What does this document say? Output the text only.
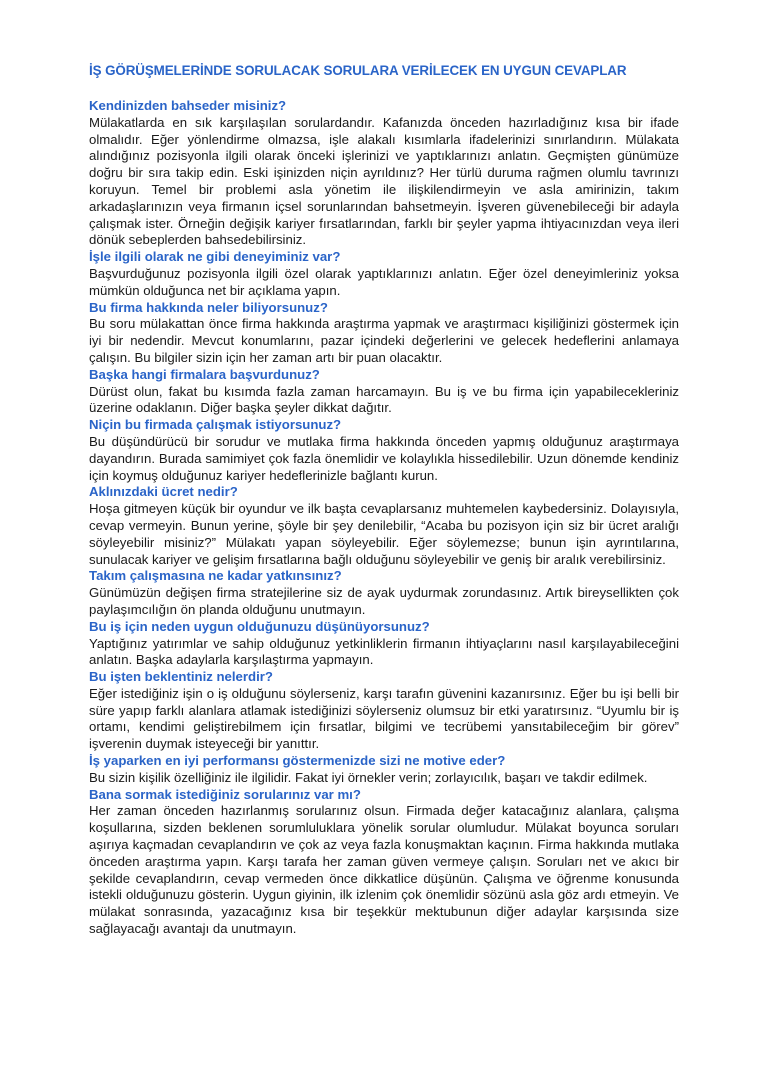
İŞ GÖRÜŞMELERİNDE SORULACAK SORULARA VERİLECEK EN UYGUN CEVAPLAR

Kendinizden bahseder misiniz?

Mülakatlarda en sık karşılaşılan sorulardandır. Kafanızda önceden hazırladığınız kısa bir ifade olmalıdır. Eğer yönlendirme olmazsa, işle alakalı kısımlarla ifadelerinizi sınırlandırın. Mülakata alındığınız pozisyonla ilgili olarak önceki işlerinizi ve yaptıklarınızı anlatın. Geçmişten günümüze doğru bir sıra takip edin. Eski işinizden niçin ayrıldınız? Her türlü duruma rağmen olumlu tavrınızı koruyun. Temel bir problemi asla yönetim ile ilişkilendirmeyin ve asla amirinizin, takım arkadaşlarınızın veya firmanın içsel sorunlarından bahsetmeyin. İşveren güvenebileceği bir adayla çalışmak ister. Örneğin değişik kariyer fırsatlarından, farklı bir şeyler yapma ihtiyacınızdan veya ileri dönük sebeplerden bahsedebilirsiniz.

İşle ilgili olarak ne gibi deneyiminiz var?

Başvurduğunuz pozisyonla ilgili özel olarak yaptıklarınızı anlatın. Eğer özel deneyimleriniz yoksa mümkün olduğunca net bir açıklama yapın.

Bu firma hakkında neler biliyorsunuz?

Bu soru mülakattan önce firma hakkında araştırma yapmak ve araştırmacı kişiliğinizi göstermek için iyi bir nedendir. Mevcut konumlarını, pazar içindeki değerlerini ve gelecek hedeflerini anlamaya çalışın. Bu bilgiler sizin için her zaman artı bir puan olacaktır.

Başka hangi firmalara başvurdunuz?

Dürüst olun, fakat bu kısımda fazla zaman harcamayın. Bu iş ve bu firma için yapabilecekleriniz üzerine odaklanın. Diğer başka şeyler dikkat dağıtır.

Niçin bu firmada çalışmak istiyorsunuz?

Bu düşündürücü bir sorudur ve mutlaka firma hakkında önceden yapmış olduğunuz araştırmaya dayandırın. Burada samimiyet çok fazla önemlidir ve kolaylıkla hissedilebilir. Uzun dönemde kendiniz için koymuş olduğunuz kariyer hedeflerinizle bağlantı kurun.

Aklınızdaki ücret nedir?

Hoşa gitmeyen küçük bir oyundur ve ilk başta cevaplarsanız muhtemelen kaybedersiniz. Dolayısıyla, cevap vermeyin. Bunun yerine, şöyle bir şey denilebilir, “Acaba bu pozisyon için siz bir ücret aralığı söyleyebilir misiniz?” Mülakatı yapan söyleyebilir. Eğer söylemezse; bunun işin ayrıntılarına, sunulacak kariyer ve gelişim fırsatlarına bağlı olduğunu söyleyebilir ve geniş bir aralık verebilirsiniz.

Takım çalışmasına ne kadar yatkınsınız?

Günümüzün değişen firma stratejilerine siz de ayak uydurmak zorundasınız. Artık bireysellikten çok paylaşımcılığın ön planda olduğunu unutmayın.

Bu iş için neden uygun olduğunuzu düşünüyorsunuz?

Yaptığınız yatırımlar ve sahip olduğunuz yetkinliklerin firmanın ihtiyaçlarını nasıl karşılayabileceğini anlatın. Başka adaylarla karşılaştırma yapmayın.

Bu işten beklentiniz nelerdir?

Eğer istediğiniz işin o iş olduğunu söylerseniz, karşı tarafın güvenini kazanırsınız. Eğer bu işi belli bir süre yapıp farklı alanlara atlamak istediğinizi söylerseniz olumsuz bir etki yaratırsınız. “Uyumlu bir iş ortamı, kendimi geliştirebilmem için fırsatlar, bilgimi ve tecrübemi yansıtabileceğim bir görev” işverenin duymak isteyeceği bir yanıttır.

İş yaparken en iyi performansı göstermenizde sizi ne motive eder?

Bu sizin kişilik özelliğiniz ile ilgilidir. Fakat iyi örnekler verin; zorlayıcılık, başarı ve takdir edilmek.

Bana sormak istediğiniz sorularınız var mı?

Her zaman önceden hazırlanmış sorularınız olsun. Firmada değer katacağınız alanlara, çalışma koşullarına, sizden beklenen sorumluluklara yönelik sorular olumludur. Mülakat boyunca soruları aşırıya kaçmadan cevaplandırın ve çok az veya fazla konuşmaktan kaçının. Firma hakkında mutlaka önceden araştırma yapın. Karşı tarafa her zaman güven vermeye çalışın. Soruları net ve akıcı bir şekilde cevaplandırın, cevap vermeden önce dikkatlice düşünün. Çalışma ve öğrenme konusunda istekli olduğunuzu gösterin. Uygun giyinin, ilk izlenim çok önemlidir sözünü asla göz ardı etmeyin. Ve mülakat sonrasında, yazacağınız kısa bir teşekkür mektubunun diğer adaylar karşısında size sağlayacağı avantajı da unutmayın.
